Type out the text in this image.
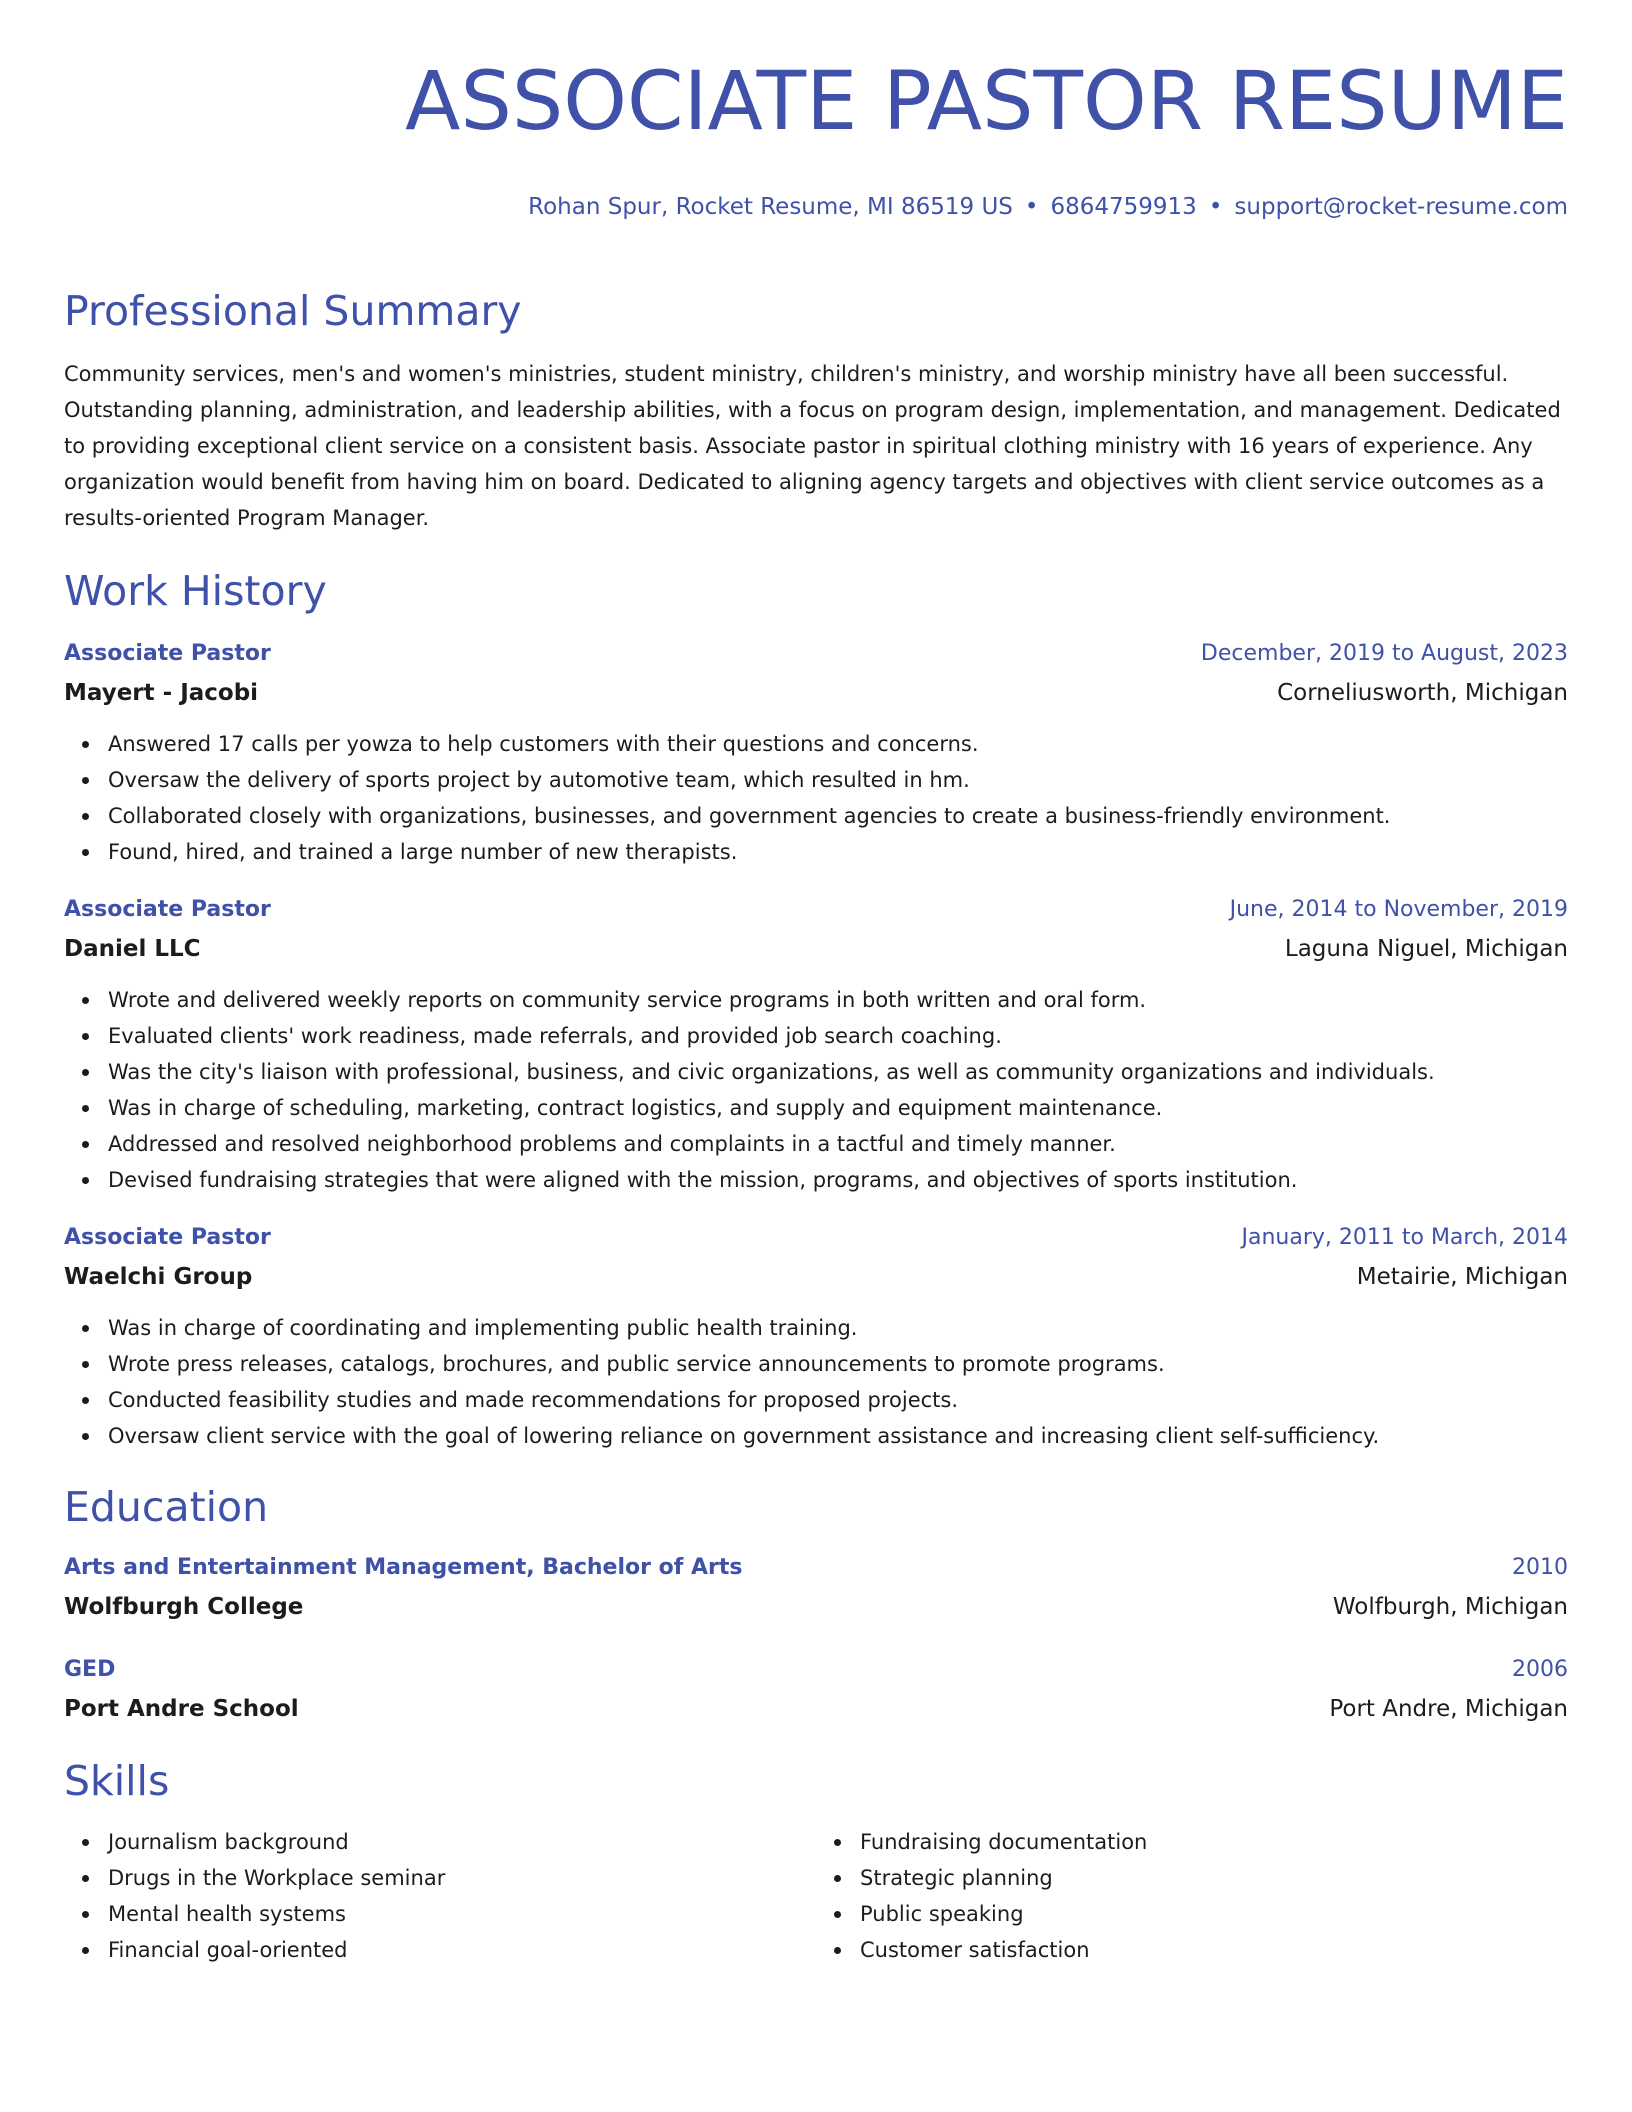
ASSOCIATE PASTOR RESUME
Rohan Spur, Rocket Resume, MI 86519 US • 6864759913 • support@rocket-resume.com
Professional Summary

Community services, men's and women's ministries, student ministry, children's ministry, and worship ministry have all been successful. Outstanding planning, administration, and leadership abilities, with a focus on program design, implementation, and management. Dedicated to providing exceptional client service on a consistent basis. Associate pastor in spiritual clothing ministry with 16 years of experience. Any organization would benefit from having him on board. Dedicated to aligning agency targets and objectives with client service outcomes as a results-oriented Program Manager.

Work History
Associate Pastor	December, 2019 to August, 2023
Mayert - Jacobi	Corneliusworth, Michigan
Answered 17 calls per yowza to help customers with their questions and concerns.
Oversaw the delivery of sports project by automotive team, which resulted in hm.
Collaborated closely with organizations, businesses, and government agencies to create a business-friendly environment.
Found, hired, and trained a large number of new therapists.
Associate Pastor	June, 2014 to November, 2019
Daniel LLC	Laguna Niguel, Michigan
Wrote and delivered weekly reports on community service programs in both written and oral form.
Evaluated clients' work readiness, made referrals, and provided job search coaching.
Was the city's liaison with professional, business, and civic organizations, as well as community organizations and individuals.
Was in charge of scheduling, marketing, contract logistics, and supply and equipment maintenance.
Addressed and resolved neighborhood problems and complaints in a tactful and timely manner.
Devised fundraising strategies that were aligned with the mission, programs, and objectives of sports institution.
Associate Pastor	January, 2011 to March, 2014
Waelchi Group	Metairie, Michigan
Was in charge of coordinating and implementing public health training.
Wrote press releases, catalogs, brochures, and public service announcements to promote programs.
Conducted feasibility studies and made recommendations for proposed projects.
Oversaw client service with the goal of lowering reliance on government assistance and increasing client self-sufficiency.
Education
Arts and Entertainment Management, Bachelor of Arts	2010
Wolfburgh College	Wolfburgh, Michigan
GED	2006
Port Andre School	Port Andre, Michigan
Skills
Journalism background
Drugs in the Workplace seminar
Mental health systems
Financial goal-oriented
Fundraising documentation
Strategic planning
Public speaking
Customer satisfaction
